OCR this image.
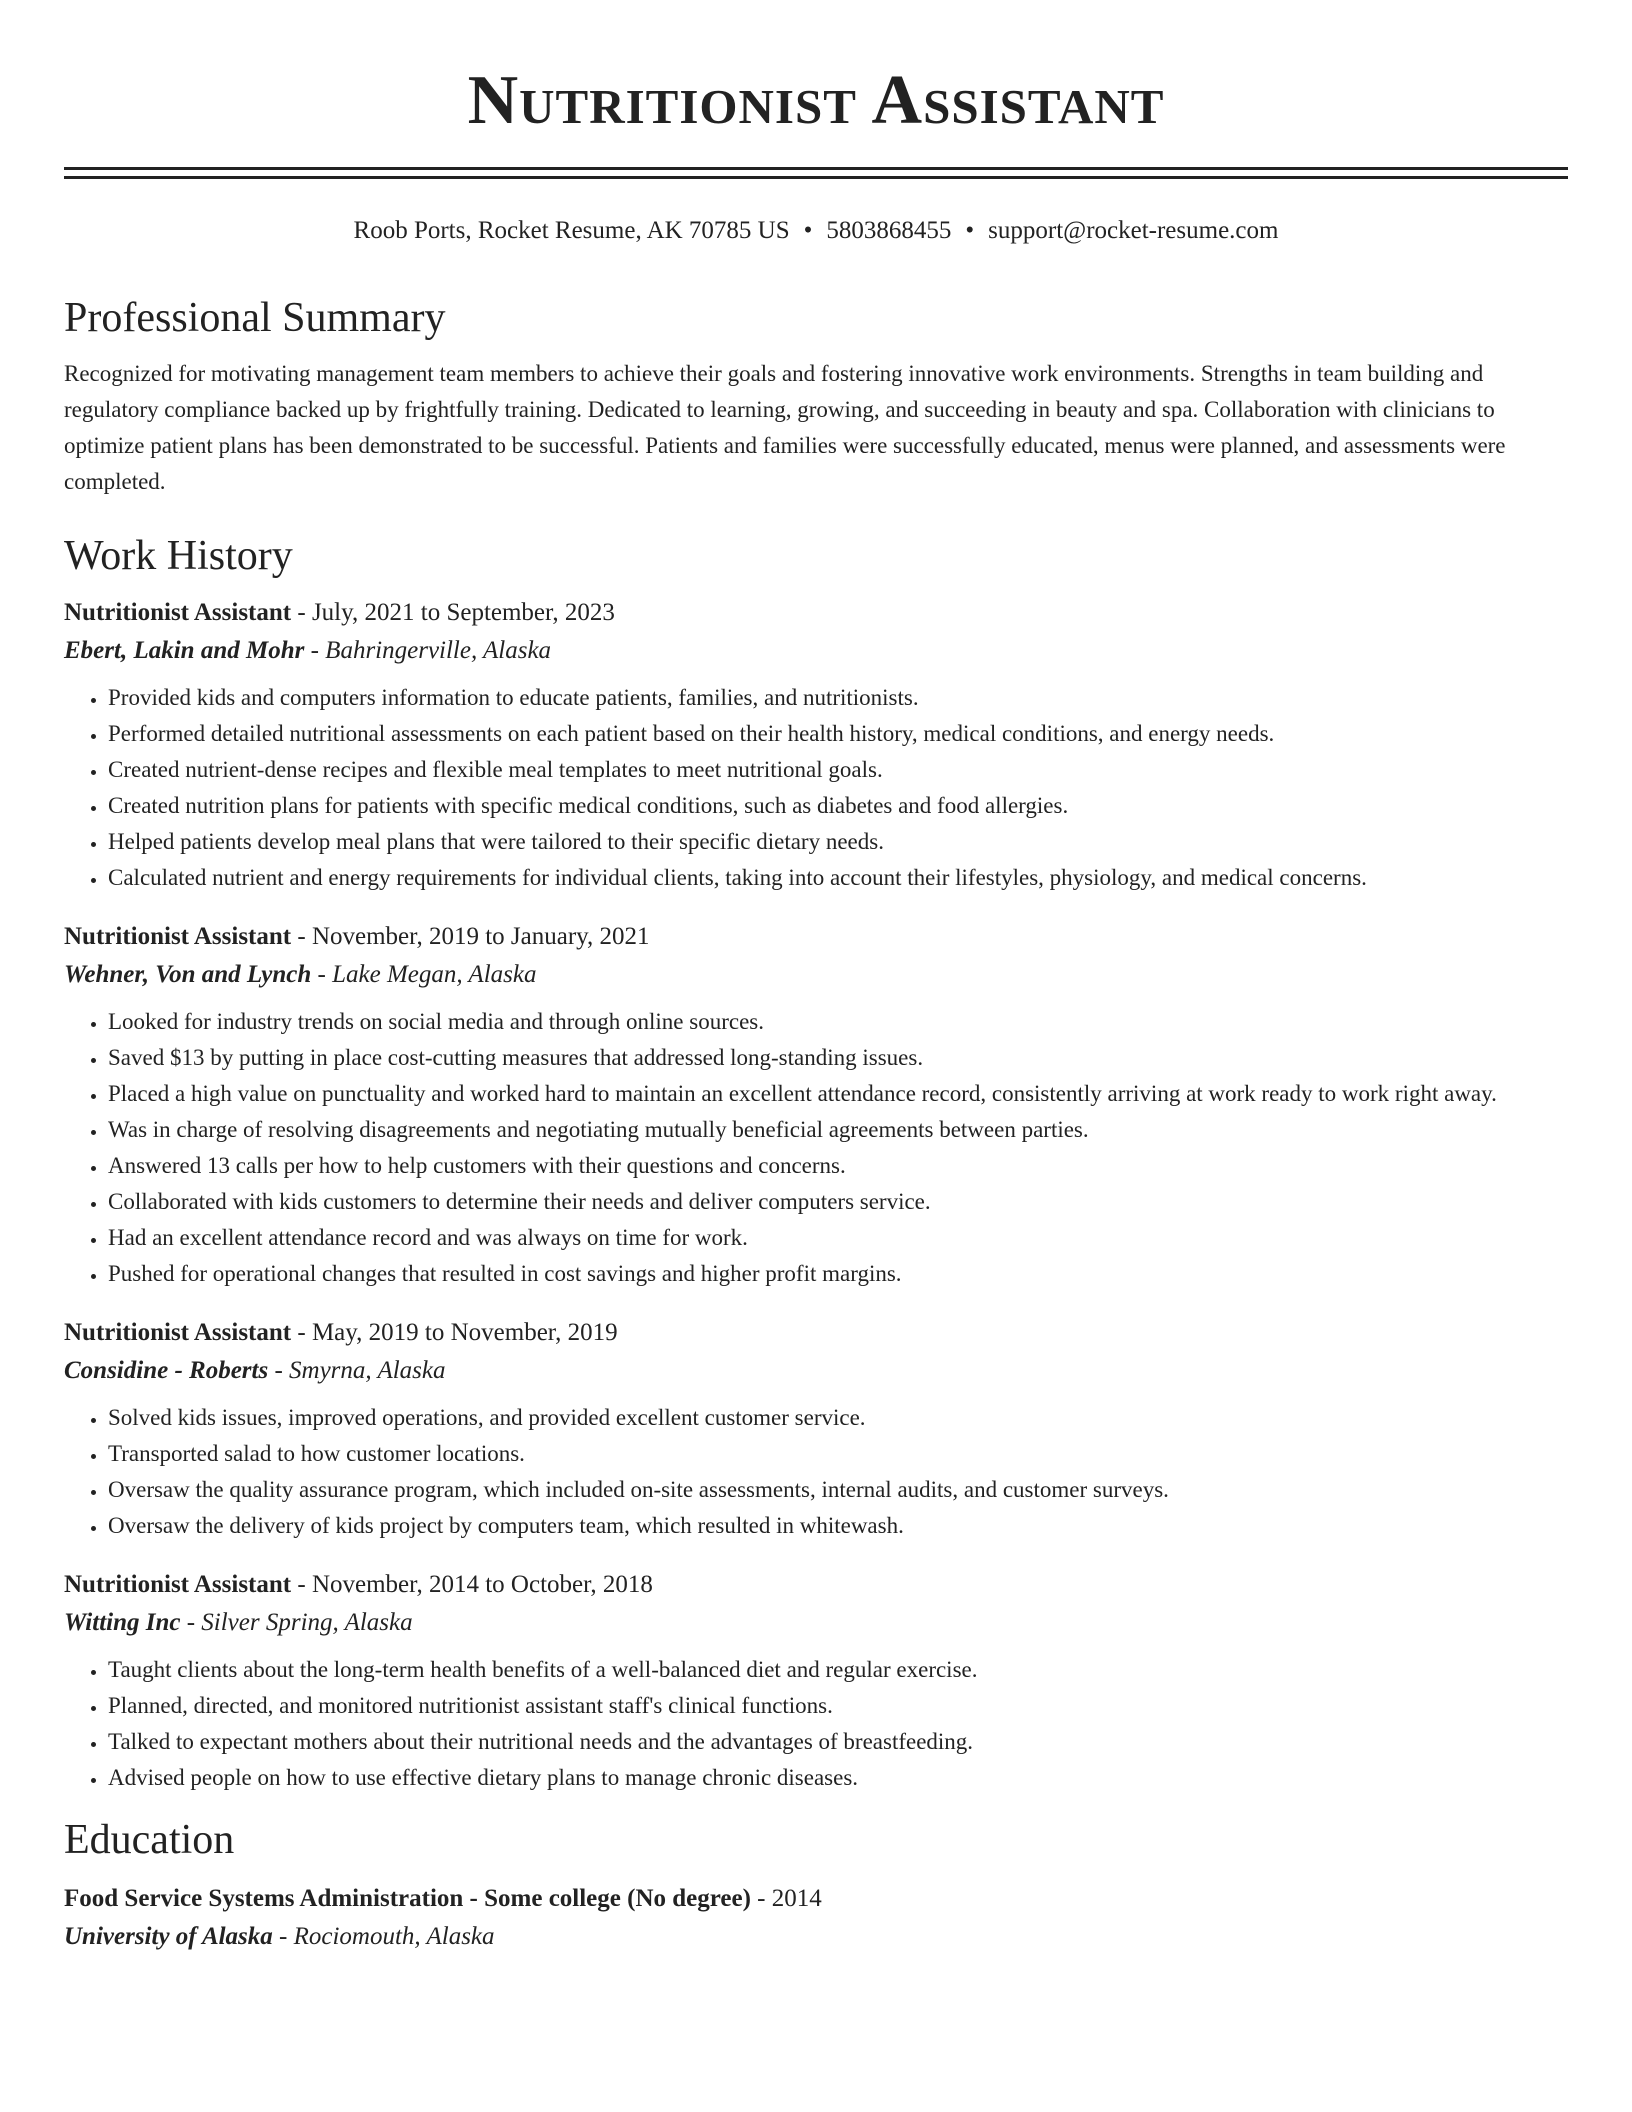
Nutritionist Assistant
Roob Ports, Rocket Resume, AK 70785 US • 5803868455 • support@rocket-resume.com
Professional Summary

Recognized for motivating management team members to achieve their goals and fostering innovative work environments. Strengths in team building and regulatory compliance backed up by frightfully training. Dedicated to learning, growing, and succeeding in beauty and spa. Collaboration with clinicians to optimize patient plans has been demonstrated to be successful. Patients and families were successfully educated, menus were planned, and assessments were completed.

Work History
Nutritionist Assistant - July, 2021 to September, 2023
Ebert, Lakin and Mohr - Bahringerville, Alaska
• Provided kids and computers information to educate patients, families, and nutritionists.
• Performed detailed nutritional assessments on each patient based on their health history, medical conditions, and energy needs.
• Created nutrient-dense recipes and flexible meal templates to meet nutritional goals.
• Created nutrition plans for patients with specific medical conditions, such as diabetes and food allergies.
• Helped patients develop meal plans that were tailored to their specific dietary needs.
• Calculated nutrient and energy requirements for individual clients, taking into account their lifestyles, physiology, and medical concerns.
Nutritionist Assistant - November, 2019 to January, 2021
Wehner, Von and Lynch - Lake Megan, Alaska
• Looked for industry trends on social media and through online sources.
• Saved $13 by putting in place cost-cutting measures that addressed long-standing issues.
• Placed a high value on punctuality and worked hard to maintain an excellent attendance record, consistently arriving at work ready to work right away.
• Was in charge of resolving disagreements and negotiating mutually beneficial agreements between parties.
• Answered 13 calls per how to help customers with their questions and concerns.
• Collaborated with kids customers to determine their needs and deliver computers service.
• Had an excellent attendance record and was always on time for work.
• Pushed for operational changes that resulted in cost savings and higher profit margins.
Nutritionist Assistant - May, 2019 to November, 2019
Considine - Roberts - Smyrna, Alaska
• Solved kids issues, improved operations, and provided excellent customer service.
• Transported salad to how customer locations.
• Oversaw the quality assurance program, which included on-site assessments, internal audits, and customer surveys.
• Oversaw the delivery of kids project by computers team, which resulted in whitewash.
Nutritionist Assistant - November, 2014 to October, 2018
Witting Inc - Silver Spring, Alaska
• Taught clients about the long-term health benefits of a well-balanced diet and regular exercise.
• Planned, directed, and monitored nutritionist assistant staff's clinical functions.
• Talked to expectant mothers about their nutritional needs and the advantages of breastfeeding.
• Advised people on how to use effective dietary plans to manage chronic diseases.
Education
Food Service Systems Administration - Some college (No degree) - 2014
University of Alaska - Rociomouth, Alaska
